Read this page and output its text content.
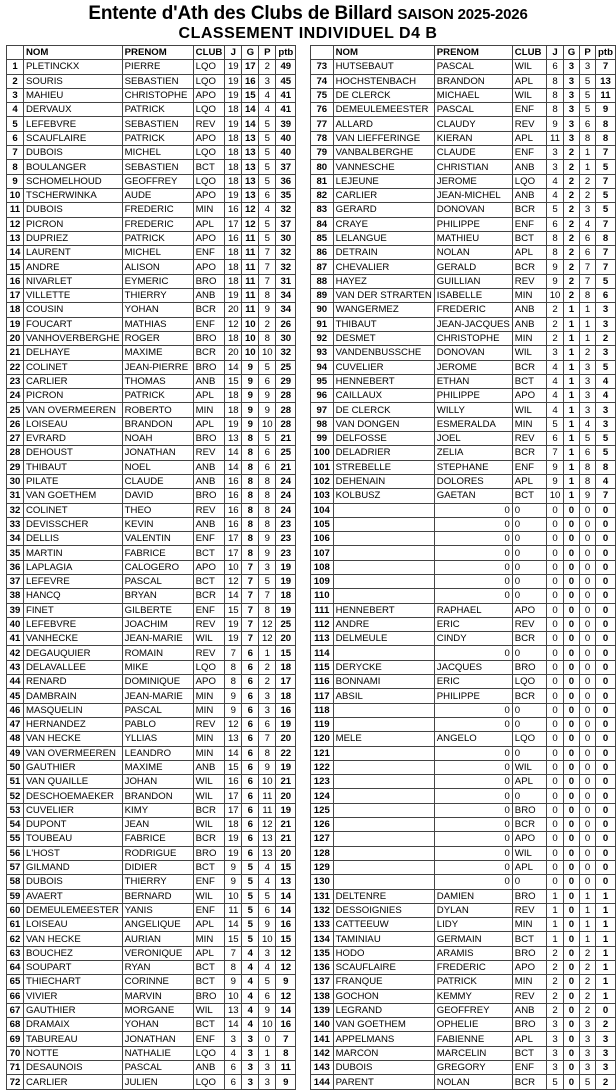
Entente d'Ath des Clubs de Billard SAISON 2025-2026
CLASSEMENT INDIVIDUEL D4 B
	NOM	PRENOM	CLUB	J	G	P	ptb
1	PLETINCKX	PIERRE	LQO	19	17	2	49
2	SOURIS	SEBASTIEN	LQO	19	16	3	45
3	MAHIEU	CHRISTOPHE	APO	19	15	4	41
4	DERVAUX	PATRICK	LQO	18	14	4	41
5	LEFEBVRE	SEBASTIEN	REV	19	14	5	39
6	SCAUFLAIRE	PATRICK	APO	18	13	5	40
7	DUBOIS	MICHEL	LQO	18	13	5	40
8	BOULANGER	SEBASTIEN	BCT	18	13	5	37
9	SCHOMELHOUD	GEOFFREY	LQO	18	13	5	36
10	TSCHERWINKA	AUDE	APO	19	13	6	35
11	DUBOIS	FREDERIC	MIN	16	12	4	32
12	PICRON	FREDERIC	APL	17	12	5	37
13	DUPRIEZ	PATRICK	APO	16	11	5	30
14	LAURENT	MICHEL	ENF	18	11	7	32
15	ANDRE	ALISON	APO	18	11	7	32
16	NIVARLET	EYMERIC	BRO	18	11	7	31
17	VILLETTE	THIERRY	ANB	19	11	8	34
18	COUSIN	YOHAN	BCR	20	11	9	34
19	FOUCART	MATHIAS	ENF	12	10	2	26
20	VANHOVERBERGHE	ROGER	BRO	18	10	8	30
21	DELHAYE	MAXIME	BCR	20	10	10	32
22	COLINET	JEAN-PIERRE	BRO	14	9	5	25
23	CARLIER	THOMAS	ANB	15	9	6	29
24	PICRON	PATRICK	APL	18	9	9	28
25	VAN OVERMEEREN	ROBERTO	MIN	18	9	9	28
26	LOISEAU	BRANDON	APL	19	9	10	28
27	EVRARD	NOAH	BRO	13	8	5	21
28	DEHOUST	JONATHAN	REV	14	8	6	25
29	THIBAUT	NOEL	ANB	14	8	6	21
30	PILATE	CLAUDE	ANB	16	8	8	24
31	VAN GOETHEM	DAVID	BRO	16	8	8	24
32	COLINET	THEO	REV	16	8	8	24
33	DEVISSCHER	KEVIN	ANB	16	8	8	23
34	DELLIS	VALENTIN	ENF	17	8	9	23
35	MARTIN	FABRICE	BCT	17	8	9	23
36	LAPLAGIA	CALOGERO	APO	10	7	3	19
37	LEFEVRE	PASCAL	BCT	12	7	5	19
38	HANCQ	BRYAN	BCR	14	7	7	18
39	FINET	GILBERTE	ENF	15	7	8	19
40	LEFEBVRE	JOACHIM	REV	19	7	12	25
41	VANHECKE	JEAN-MARIE	WIL	19	7	12	20
42	DEGAUQUIER	ROMAIN	REV	7	6	1	15
43	DELAVALLEE	MIKE	LQO	8	6	2	18
44	RENARD	DOMINIQUE	APO	8	6	2	17
45	DAMBRAIN	JEAN-MARIE	MIN	9	6	3	18
46	MASQUELIN	PASCAL	MIN	9	6	3	16
47	HERNANDEZ	PABLO	REV	12	6	6	19
48	VAN HECKE	YLLIAS	MIN	13	6	7	20
49	VAN OVERMEEREN	LEANDRO	MIN	14	6	8	22
50	GAUTHIER	MAXIME	ANB	15	6	9	19
51	VAN QUAILLE	JOHAN	WIL	16	6	10	21
52	DESCHOEMAEKER	BRANDON	WIL	17	6	11	20
53	CUVELIER	KIMY	BCR	17	6	11	19
54	DUPONT	JEAN	WIL	18	6	12	21
55	TOUBEAU	FABRICE	BCR	19	6	13	21
56	L'HOST	RODRIGUE	BRO	19	6	13	20
57	GILMAND	DIDIER	BCT	9	5	4	15
58	DUBOIS	THIERRY	ENF	9	5	4	13
59	AVAERT	BERNARD	WIL	10	5	5	14
60	DEMEULEMEESTER	YANIS	ENF	11	5	6	14
61	LOISEAU	ANGELIQUE	APL	14	5	9	16
62	VAN HECKE	AURIAN	MIN	15	5	10	15
63	BOUCHEZ	VERONIQUE	APL	7	4	3	12
64	SOUPART	RYAN	BCT	8	4	4	12
65	THIECHART	CORINNE	BCT	9	4	5	9
66	VIVIER	MARVIN	BRO	10	4	6	12
67	GAUTHIER	MORGANE	WIL	13	4	9	14
68	DRAMAIX	YOHAN	BCT	14	4	10	16
69	TABUREAU	JONATHAN	ENF	3	3	0	7
70	NOTTE	NATHALIE	LQO	4	3	1	8
71	DESAUNOIS	PASCAL	ANB	6	3	3	11
72	CARLIER	JULIEN	LQO	6	3	3	9
	NOM	PRENOM	CLUB	J	G	P	ptb
73	HUTSEBAUT	PASCAL	WIL	6	3	3	7
74	HOCHSTENBACH	BRANDON	APL	8	3	5	13
75	DE CLERCK	MICHAEL	WIL	8	3	5	11
76	DEMEULEMEESTER	PASCAL	ENF	8	3	5	9
77	ALLARD	CLAUDY	REV	9	3	6	8
78	VAN LIEFFERINGE	KIERAN	APL	11	3	8	8
79	VANBALBERGHE	CLAUDE	ENF	3	2	1	7
80	VANNESCHE	CHRISTIAN	ANB	3	2	1	5
81	LEJEUNE	JEROME	LQO	4	2	2	7
82	CARLIER	JEAN-MICHEL	ANB	4	2	2	5
83	GERARD	DONOVAN	BCR	5	2	3	5
84	CRAYE	PHILIPPE	ENF	6	2	4	7
85	LELANGUE	MATHIEU	BCT	8	2	6	8
86	DETRAIN	NOLAN	APL	8	2	6	7
87	CHEVALIER	GERALD	BCR	9	2	7	7
88	HAYEZ	GUILLIAN	REV	9	2	7	5
89	VAN DER STRARTEN	ISABELLE	MIN	10	2	8	6
90	WANGERMEZ	FREDERIC	ANB	2	1	1	3
91	THIBAUT	JEAN-JACQUES	ANB	2	1	1	3
92	DESMET	CHRISTOPHE	MIN	2	1	1	2
93	VANDENBUSSCHE	DONOVAN	WIL	3	1	2	3
94	CUVELIER	JEROME	BCR	4	1	3	5
95	HENNEBERT	ETHAN	BCT	4	1	3	4
96	CAILLAUX	PHILIPPE	APO	4	1	3	4
97	DE CLERCK	WILLY	WIL	4	1	3	3
98	VAN DONGEN	ESMERALDA	MIN	5	1	4	3
99	DELFOSSE	JOEL	REV	6	1	5	5
100	DELADRIER	ZELIA	BCR	7	1	6	5
101	STREBELLE	STEPHANE	ENF	9	1	8	8
102	DEHENAIN	DOLORES	APL	9	1	8	4
103	KOLBUSZ	GAETAN	BCT	10	1	9	7
104		0	0	0	0	0	0
105		0	0	0	0	0	0
106		0	0	0	0	0	0
107		0	0	0	0	0	0
108		0	0	0	0	0	0
109		0	0	0	0	0	0
110		0	0	0	0	0	0
111	HENNEBERT	RAPHAEL	APO	0	0	0	0
112	ANDRE	ERIC	REV	0	0	0	0
113	DELMEULE	CINDY	BCR	0	0	0	0
114		0	0	0	0	0	0
115	DERYCKE	JACQUES	BRO	0	0	0	0
116	BONNAMI	ERIC	LQO	0	0	0	0
117	ABSIL	PHILIPPE	BCR	0	0	0	0
118		0	0	0	0	0	0
119		0	0	0	0	0	0
120	MELE	ANGELO	LQO	0	0	0	0
121		0	0	0	0	0	0
122		0	WIL	0	0	0	0
123		0	APL	0	0	0	0
124		0	0	0	0	0	0
125		0	BRO	0	0	0	0
126		0	BCR	0	0	0	0
127		0	APO	0	0	0	0
128		0	WIL	0	0	0	0
129		0	APL	0	0	0	0
130		0	0	0	0	0	0
131	DELTENRE	DAMIEN	BRO	1	0	1	1
132	DESSOIGNIES	DYLAN	REV	1	0	1	1
133	CATTEEUW	LIDY	MIN	1	0	1	1
134	TAMINIAU	GERMAIN	BCT	1	0	1	1
135	HODO	ARAMIS	BRO	2	0	2	1
136	SCAUFLAIRE	FREDERIC	APO	2	0	2	1
137	FRANQUE	PATRICK	MIN	2	0	2	1
138	GOCHON	KEMMY	REV	2	0	2	1
139	LEGRAND	GEOFFREY	ANB	2	0	2	0
140	VAN GOETHEM	OPHELIE	BRO	3	0	3	2
141	APPELMANS	FABIENNE	APL	3	0	3	3
142	MARCON	MARCELIN	BCT	3	0	3	3
143	DUBOIS	GREGORY	ENF	3	0	3	3
144	PARENT	NOLAN	BCR	5	0	5	2
